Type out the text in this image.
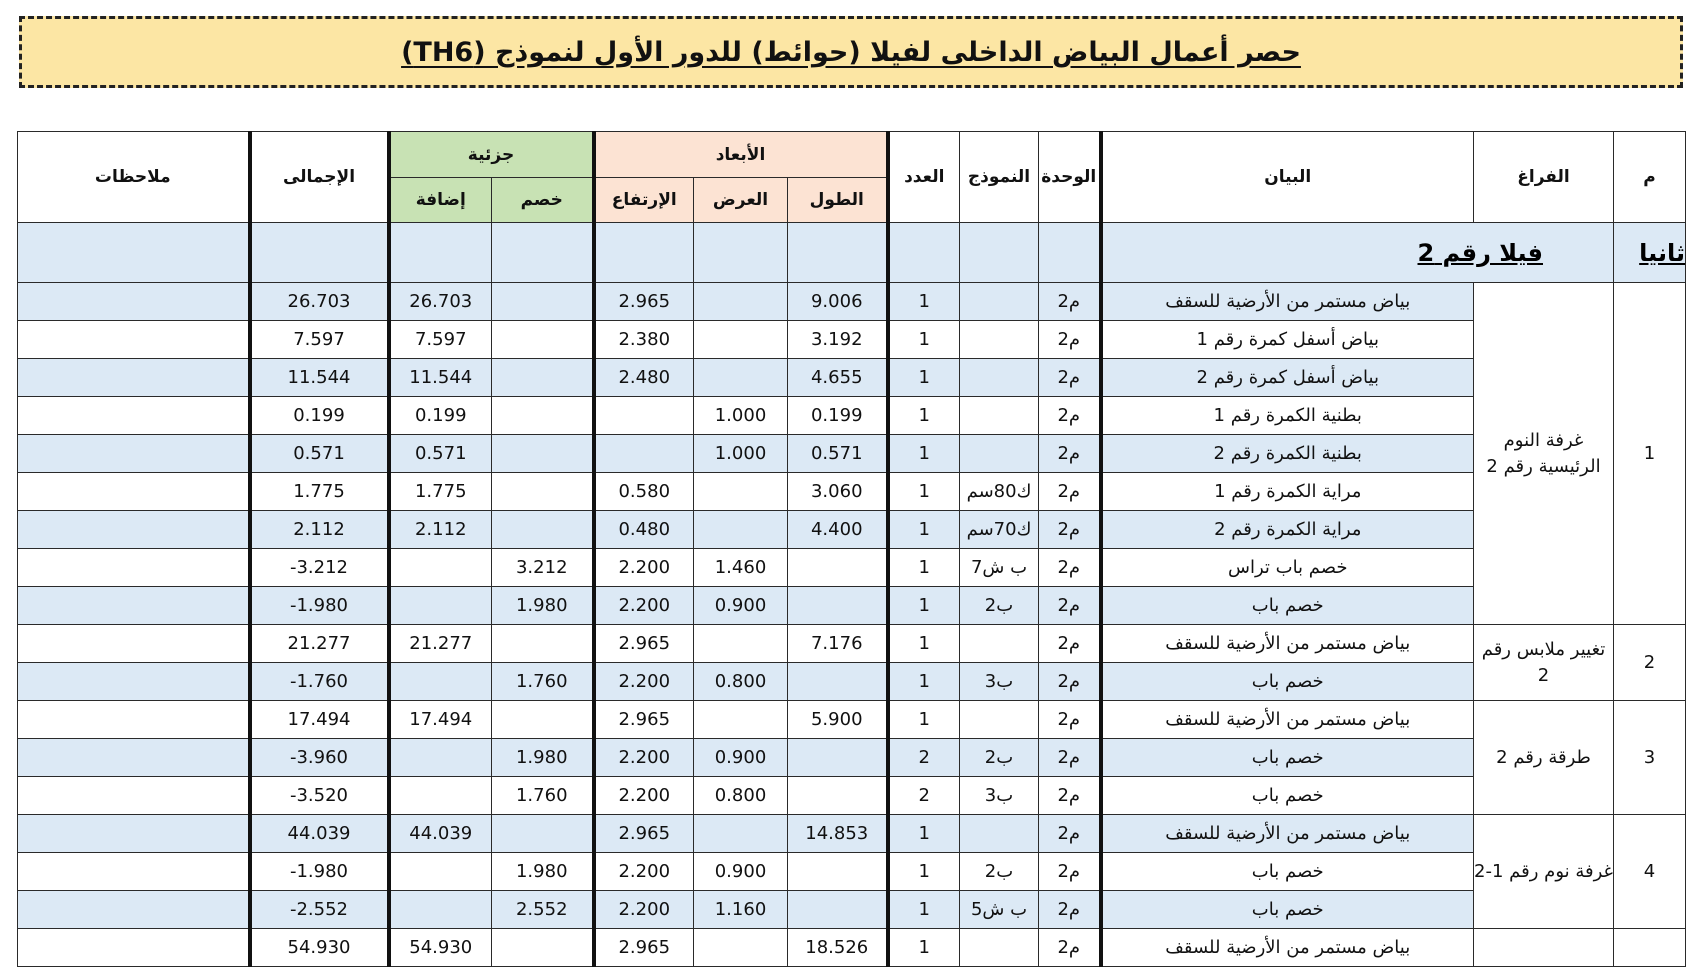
حصر أعمال البياض الداخلى لفيلا (حوائط) للدور الأول لنموذج (TH6)
م	الفراغ	البيان	الوحدة	النموذج	العدد	الأبعاد			جزئية		الإجمالى	ملاحظات
						الطول	العرض	الإرتفاع	خصم	إضافة		
ثانيا	فيلا رقم 2											
1	غرفة النوم الرئيسية رقم 2	بياض مستمر من الأرضية للسقف	م2		1	9.006		2.965		26.703	26.703	
		بياض أسفل كمرة رقم 1	م2		1	3.192		2.380		7.597	7.597	
		بياض أسفل كمرة رقم 2	م2		1	4.655		2.480		11.544	11.544	
		بطنية الكمرة رقم 1	م2		1	0.199	1.000			0.199	0.199	
		بطنية الكمرة رقم 2	م2		1	0.571	1.000			0.571	0.571	
		مراية الكمرة رقم 1	م2	ك80سم	1	3.060		0.580		1.775	1.775	
		مراية الكمرة رقم 2	م2	ك70سم	1	4.400		0.480		2.112	2.112	
		خصم باب تراس	م2	ب ش7	1		1.460	2.200	3.212		-3.212	
		خصم باب	م2	ب2	1		0.900	2.200	1.980		-1.980	
2	تغيير ملابس رقم 2	بياض مستمر من الأرضية للسقف	م2		1	7.176		2.965		21.277	21.277	
		خصم باب	م2	ب3	1		0.800	2.200	1.760		-1.760	
3	طرقة رقم 2	بياض مستمر من الأرضية للسقف	م2		1	5.900		2.965		17.494	17.494	
		خصم باب	م2	ب2	2		0.900	2.200	1.980		-3.960	
		خصم باب	م2	ب3	2		0.800	2.200	1.760		-3.520	
4	غرفة نوم رقم 1-2	بياض مستمر من الأرضية للسقف	م2		1	14.853		2.965		44.039	44.039	
		خصم باب	م2	ب2	1		0.900	2.200	1.980		-1.980	
		خصم باب	م2	ب ش5	1		1.160	2.200	2.552		-2.552	
		بياض مستمر من الأرضية للسقف	م2		1	18.526		2.965		54.930	54.930	
